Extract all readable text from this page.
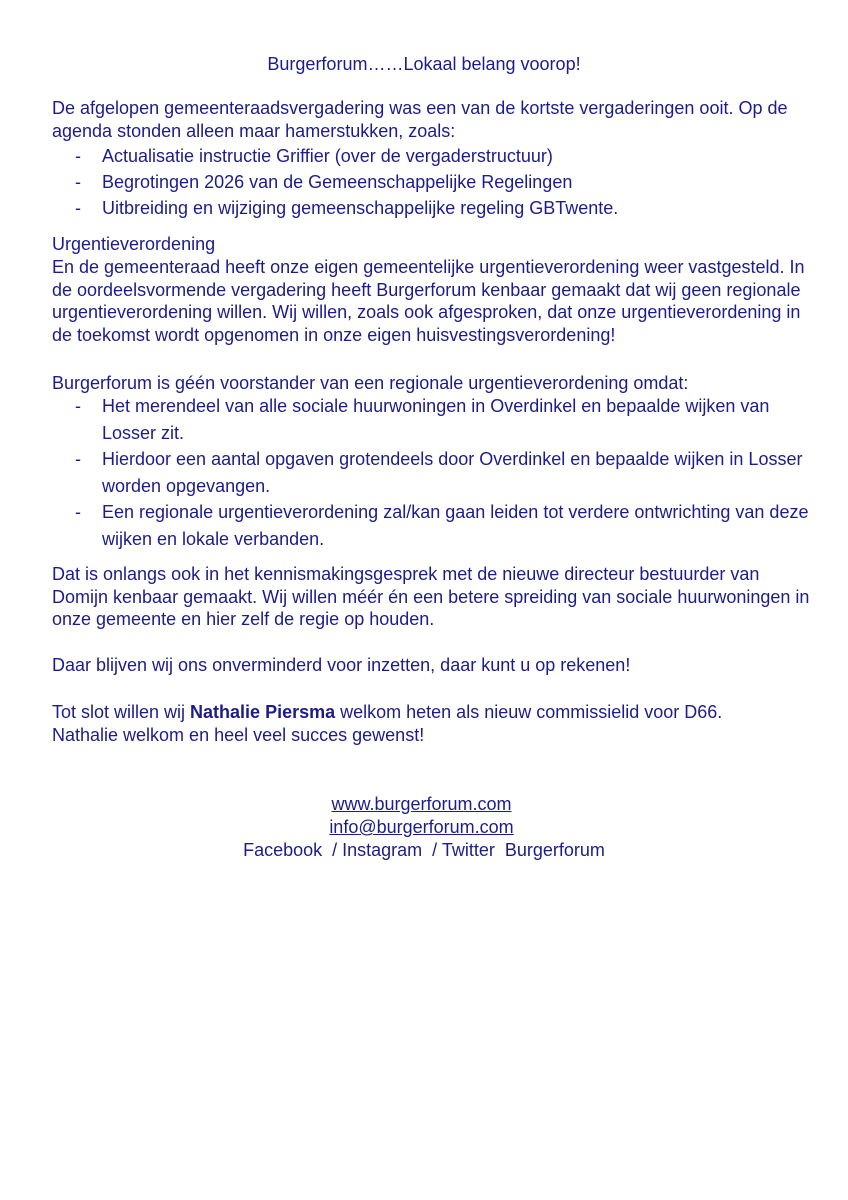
Burgerforum……Lokaal belang voorop!

De afgelopen gemeenteraadsvergadering was een van de kortste vergaderingen ooit. Op de agenda stonden alleen maar hamerstukken, zoals:

- Actualisatie instructie Griffier (over de vergaderstructuur)
- Begrotingen 2026 van de Gemeenschappelijke Regelingen
- Uitbreiding en wijziging gemeenschappelijke regeling GBTwente.
Urgentieverordening

En de gemeenteraad heeft onze eigen gemeentelijke urgentieverordening weer vastgesteld. In de oordeelsvormende vergadering heeft Burgerforum kenbaar gemaakt dat wij geen regionale urgentieverordening willen. Wij willen, zoals ook afgesproken, dat onze urgentieverordening in de toekomst wordt opgenomen in onze eigen huisvestingsverordening!

Burgerforum is géén voorstander van een regionale urgentieverordening omdat:

- Het merendeel van alle sociale huurwoningen in Overdinkel en bepaalde wijken van Losser zit.
- Hierdoor een aantal opgaven grotendeels door Overdinkel en bepaalde wijken in Losser worden opgevangen.
- Een regionale urgentieverordening zal/kan gaan leiden tot verdere ontwrichting van deze wijken en lokale verbanden.

Dat is onlangs ook in het kennismakingsgesprek met de nieuwe directeur bestuurder van Domijn kenbaar gemaakt. Wij willen méér én een betere spreiding van sociale huurwoningen in onze gemeente en hier zelf de regie op houden.

Daar blijven wij ons onverminderd voor inzetten, daar kunt u op rekenen!

Tot slot willen wij Nathalie Piersma welkom heten als nieuw commissielid voor D66.
Nathalie welkom en heel veel succes gewenst!

www.burgerforum.com
info@burgerforum.com
Facebook  / Instagram  / Twitter  Burgerforum
